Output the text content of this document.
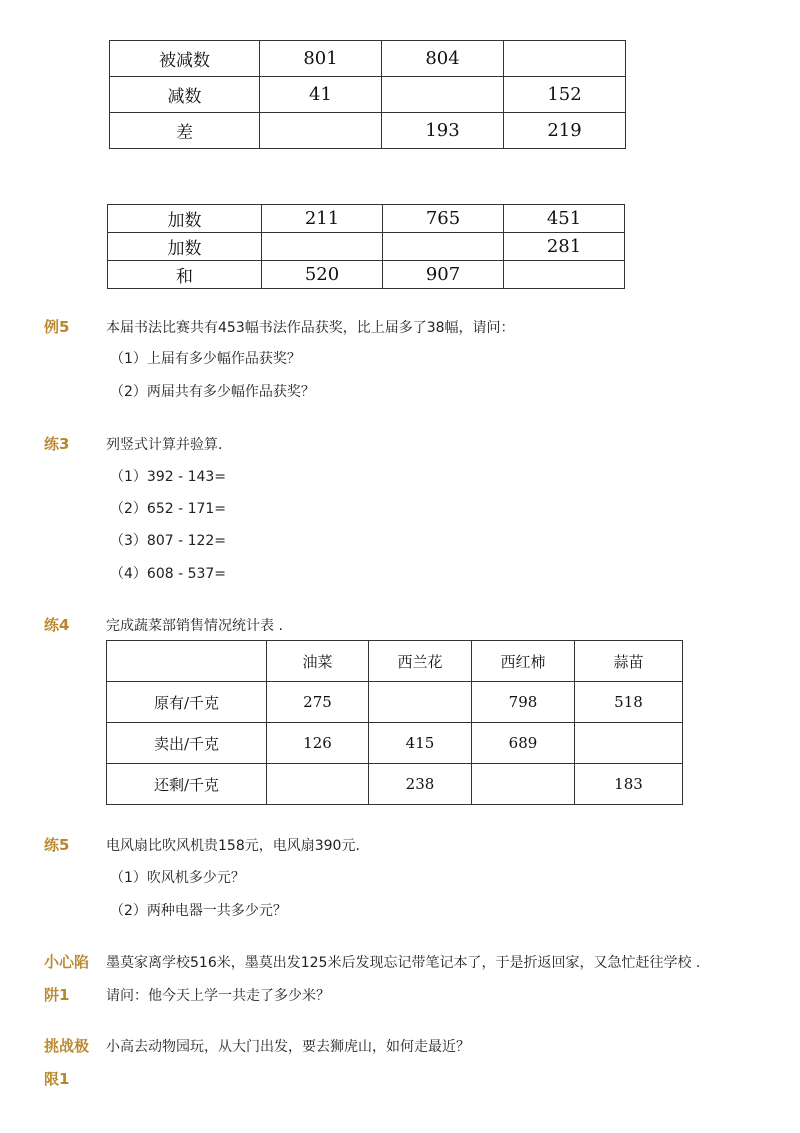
被减数	801	804	
减数	41		152
差		193	219
加数	211	765	451
加数			281
和	520	907	
例5	本届书法比赛共有453幅书法作品获奖，比上届多了38幅，请问：
（1）上届有多少幅作品获奖？
（2）两届共有多少幅作品获奖？
练3	列竖式计算并验算.
（1）392 - 143=
（2）652 - 171=
（3）807 - 122=
（4）608 - 537=
练4	完成蔬菜部销售情况统计表 .
	油菜	西兰花	西红柿	蒜苗
原有/千克	275		798	518
卖出/千克	126	415	689	
还剩/千克		238		183
练5	电风扇比吹风机贵158元，电风扇390元.
（1）吹风机多少元？
（2）两种电器一共多少元？
小心陷 墨莫家离学校516米，墨莫出发125米后发现忘记带笔记本了，于是折返回家，又急忙赶往学校 .
阱1	请问：他今天上学一共走了多少米？
挑战极 小高去动物园玩，从大门出发，要去狮虎山，如何走最近？
限1
